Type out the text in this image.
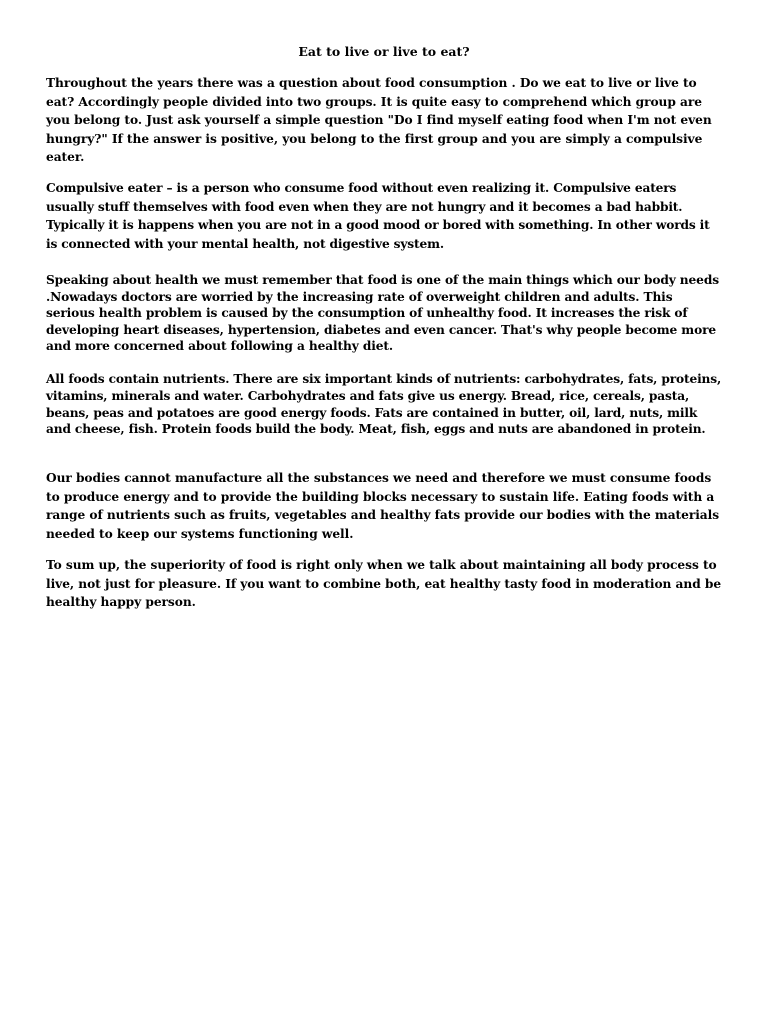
Eat to live or live to eat?

Throughout the years there was a question about food consumption . Do we eat to live or live to eat? Accordingly people divided into two groups. It is quite easy to comprehend which group are you belong to. Just ask yourself a simple question "Do I find myself eating food when I'm not even hungry?" If the answer is positive, you belong to the first group and you are simply a compulsive eater.

Compulsive eater – is a person who consume food without even realizing it. Compulsive eaters usually stuff themselves with food even when they are not hungry and it becomes a bad habbit. Typically it is happens when you are not in a good mood or bored with something. In other words it is connected with your mental health, not digestive system.

Speaking about health we must remember that food is one of the main things which our body needs .Nowadays doctors are worried by the increasing rate of overweight children and adults. This serious health problem is caused by the consumption of unhealthy food. It increases the risk of developing heart diseases, hypertension, diabetes and even cancer. That's why people become more and more concerned about following a healthy diet.

All foods contain nutrients. There are six important kinds of nutrients: carbohydrates, fats, proteins, vitamins, minerals and water. Carbohydrates and fats give us energy. Bread, rice, cereals, pasta, beans, peas and potatoes are good energy foods. Fats are contained in butter, oil, lard, nuts, milk and cheese, fish. Protein foods build the body. Meat, fish, eggs and nuts are abandoned in protein.

Our bodies cannot manufacture all the substances we need and therefore we must consume foods to produce energy and to provide the building blocks necessary to sustain life. Eating foods with a range of nutrients such as fruits, vegetables and healthy fats provide our bodies with the materials needed to keep our systems functioning well.

To sum up, the superiority of food is right only when we talk about maintaining all body process to live, not just for pleasure. If you want to combine both, eat healthy tasty food in moderation and be healthy happy person.
